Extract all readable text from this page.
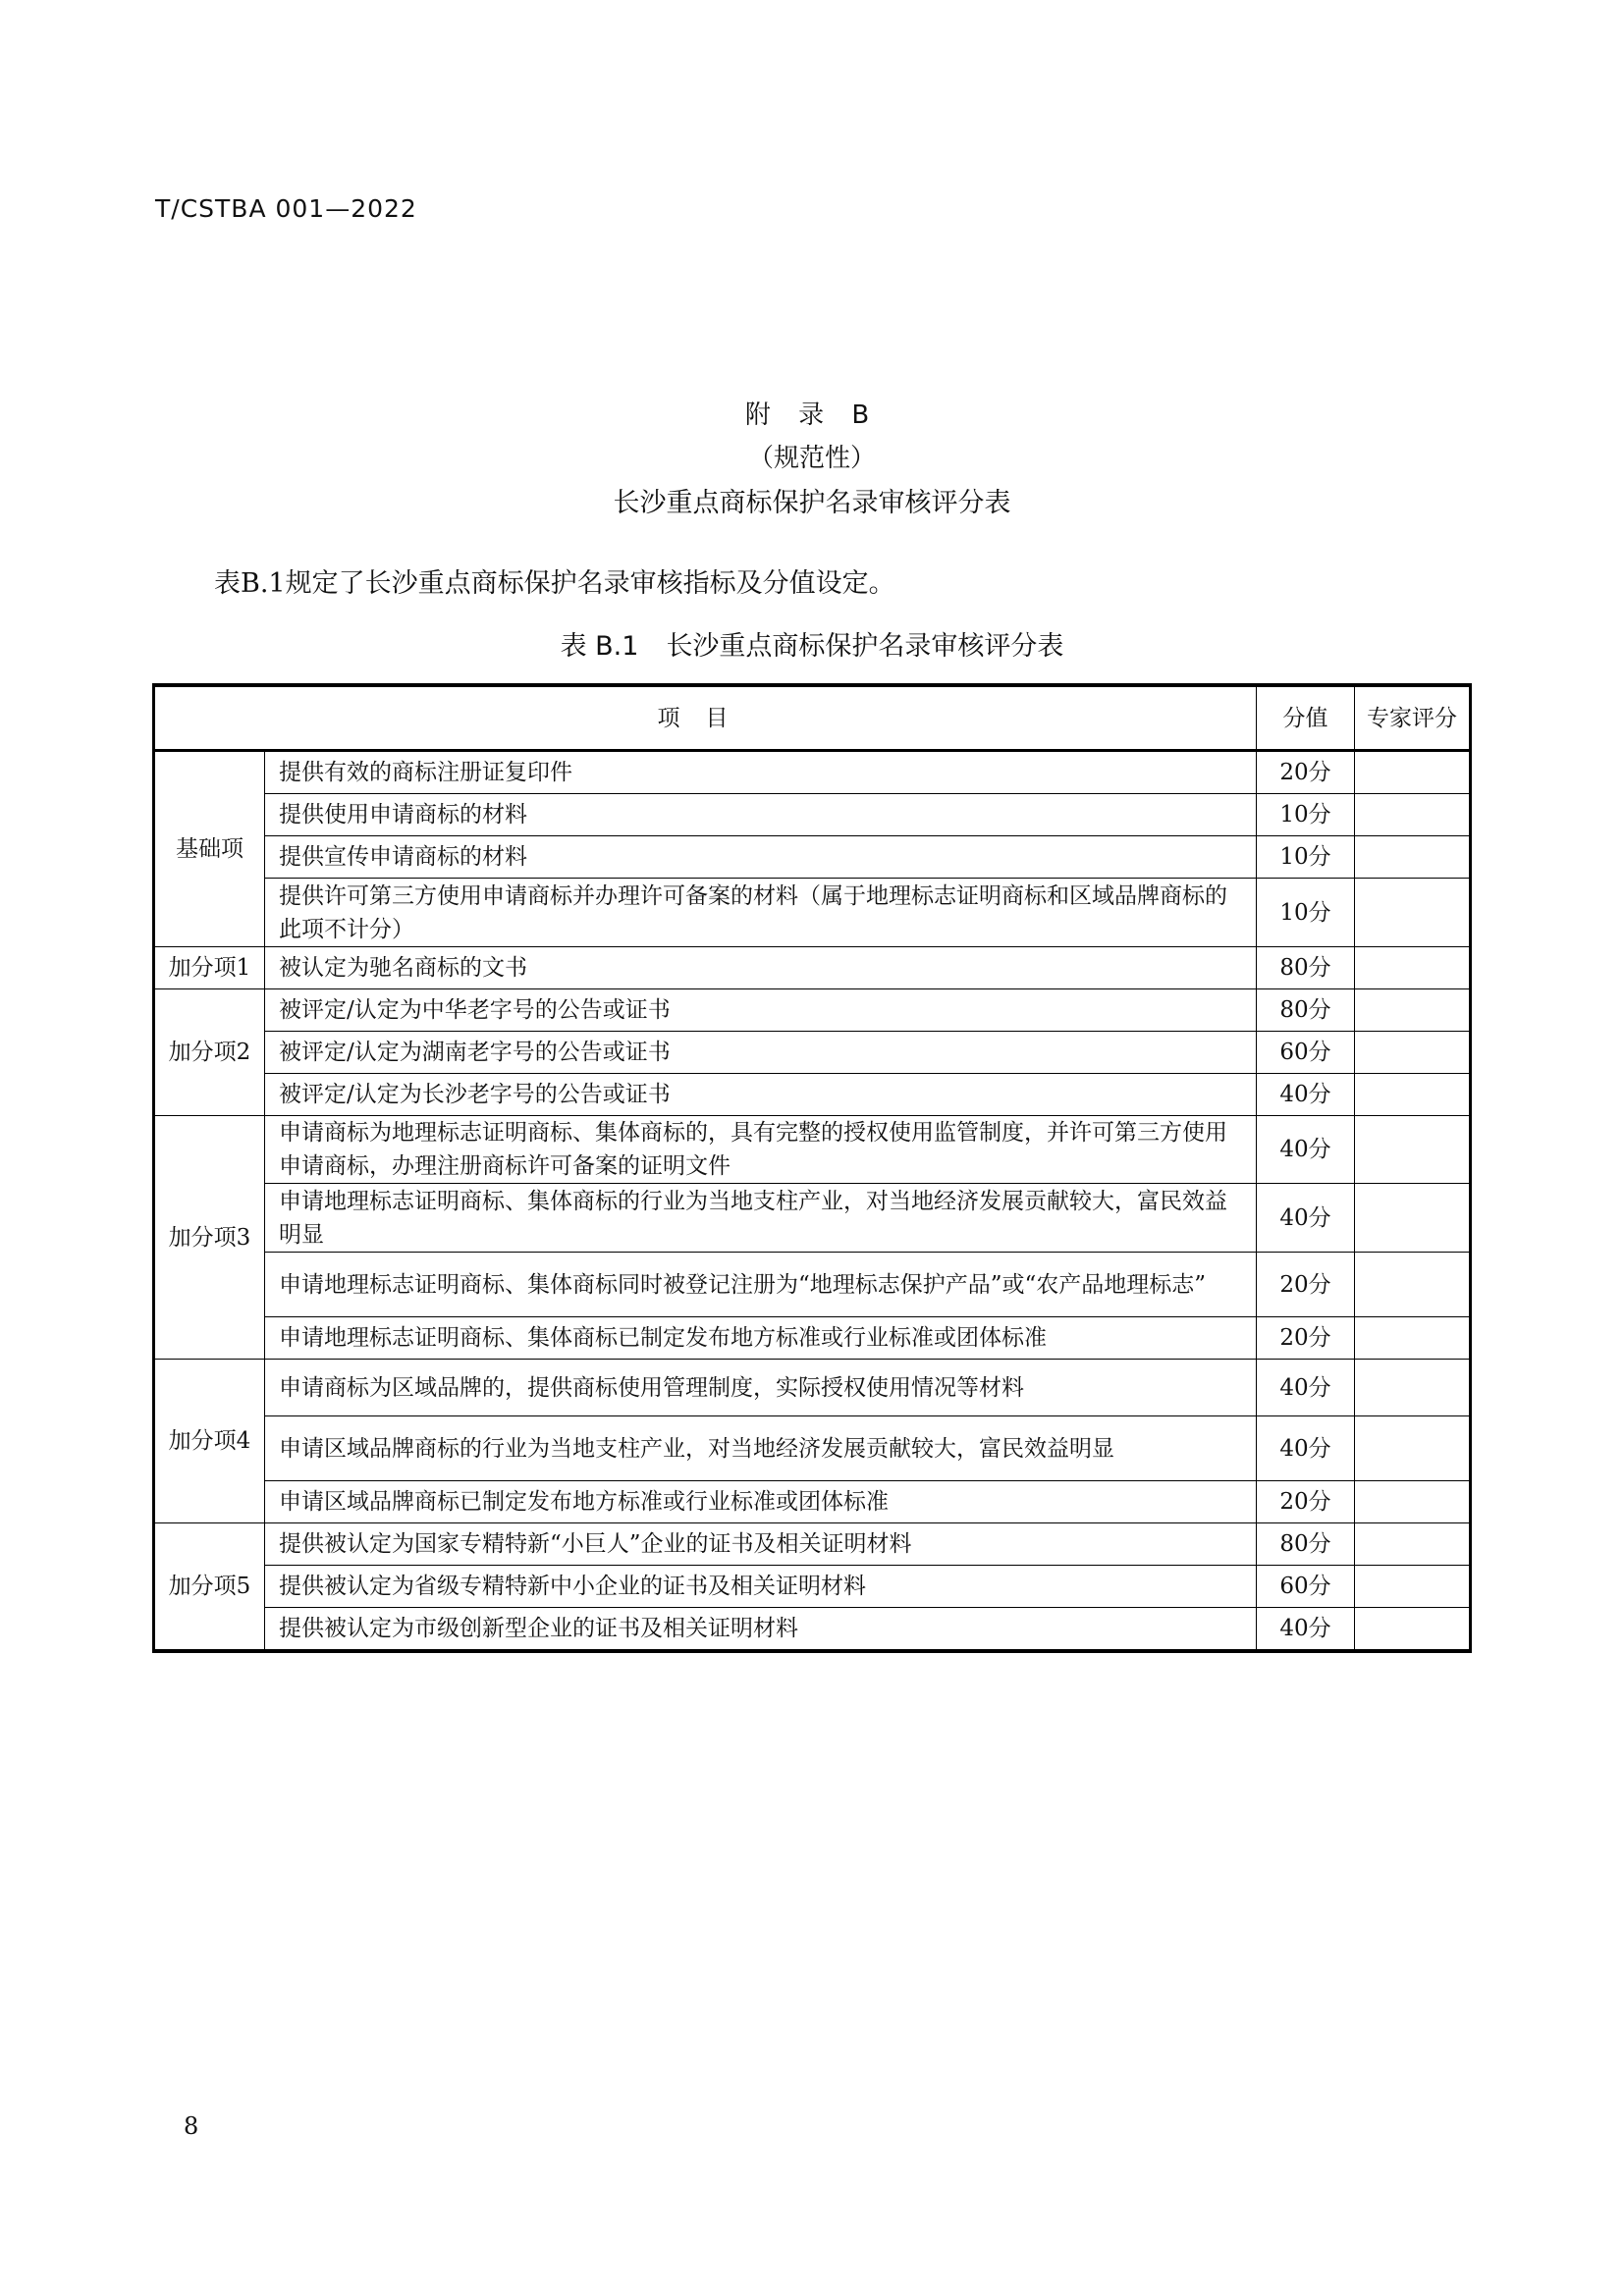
T/CSTBA 001—2022
附 录 B
（规范性）
长沙重点商标保护名录审核评分表
表B.1规定了长沙重点商标保护名录审核指标及分值设定。
表 B.1 长沙重点商标保护名录审核评分表
项目		分值	专家评分
基础项	提供有效的商标注册证复印件	20分	
	提供使用申请商标的材料	10分	
	提供宣传申请商标的材料	10分	
	提供许可第三方使用申请商标并办理许可备案的材料（属于地理标志证明商标和区域品牌商标的此项不计分）	10分	
加分项1	被认定为驰名商标的文书	80分	
加分项2	被评定/认定为中华老字号的公告或证书	80分	
	被评定/认定为湖南老字号的公告或证书	60分	
	被评定/认定为长沙老字号的公告或证书	40分	
加分项3	申请商标为地理标志证明商标、集体商标的，具有完整的授权使用监管制度，并许可第三方使用申请商标，办理注册商标许可备案的证明文件	40分	
	申请地理标志证明商标、集体商标的行业为当地支柱产业，对当地经济发展贡献较大，富民效益明显	40分	
	申请地理标志证明商标、集体商标同时被登记注册为“地理标志保护产品”或“农产品地理标志”	20分	
	申请地理标志证明商标、集体商标已制定发布地方标准或行业标准或团体标准	20分	
加分项4	申请商标为区域品牌的，提供商标使用管理制度，实际授权使用情况等材料	40分	
	申请区域品牌商标的行业为当地支柱产业，对当地经济发展贡献较大，富民效益明显	40分	
	申请区域品牌商标已制定发布地方标准或行业标准或团体标准	20分	
加分项5	提供被认定为国家专精特新“小巨人”企业的证书及相关证明材料	80分	
	提供被认定为省级专精特新中小企业的证书及相关证明材料	60分	
	提供被认定为市级创新型企业的证书及相关证明材料	40分	
8
